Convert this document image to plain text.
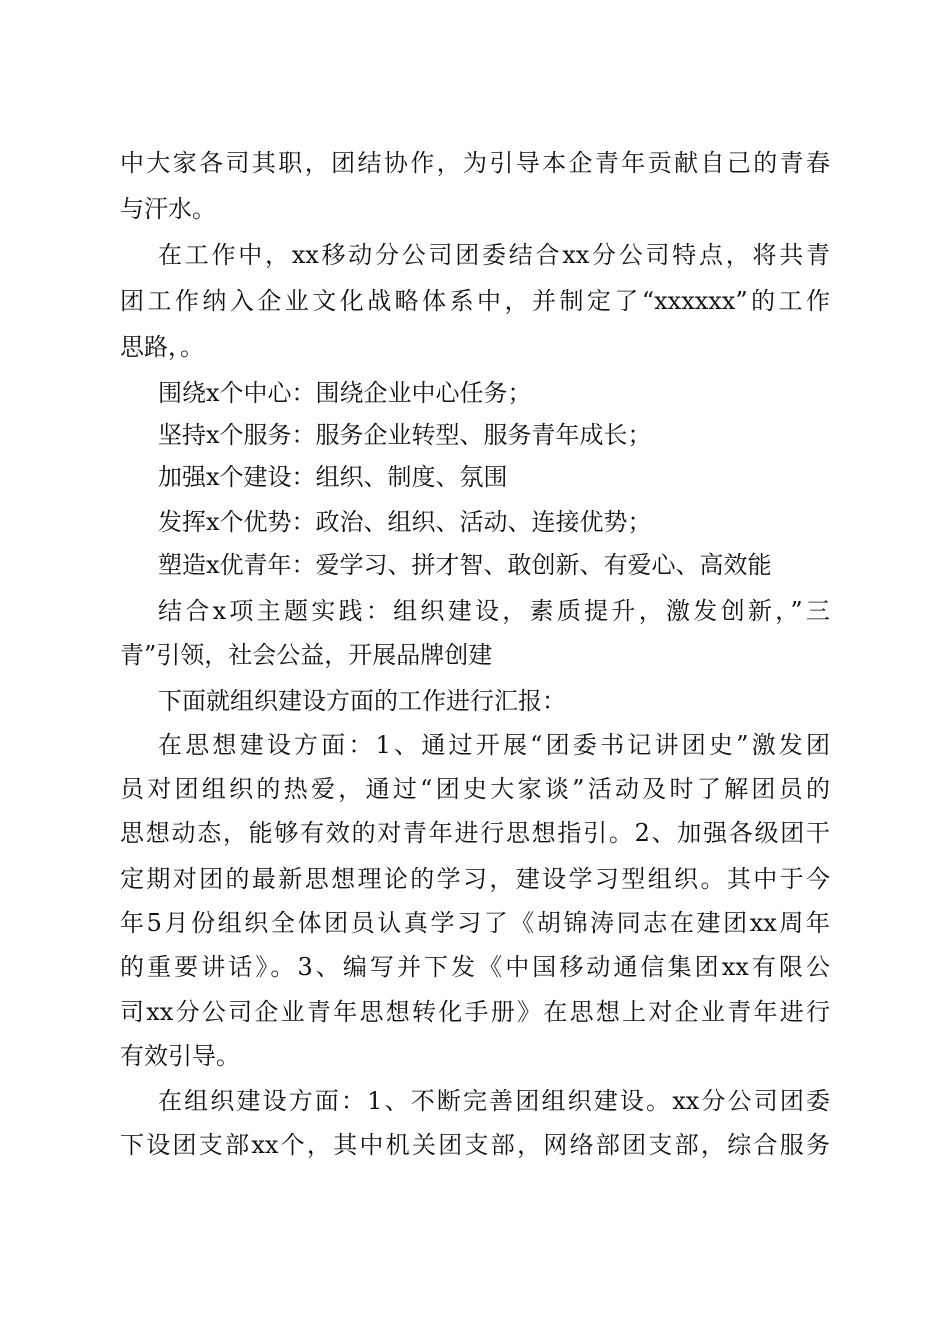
中大家各司其职，团结协作，为引导本企青年贡献自己的青春
与汗水。
在工作中，xx移动分公司团委结合xx分公司特点，将共青
团工作纳入企业文化战略体系中，并制定了“xxxxxx”的工作
思路，。
围绕x个中心：围绕企业中心任务；
坚持x个服务：服务企业转型、服务青年成长；
加强x个建设：组织、制度、氛围
发挥x个优势：政治、组织、活动、连接优势；
塑造x优青年：爱学习、拼才智、敢创新、有爱心、高效能
结合x项主题实践：组织建设，素质提升，激发创新，”三
青”引领，社会公益，开展品牌创建
下面就组织建设方面的工作进行汇报：
在思想建设方面：1、通过开展“团委书记讲团史”激发团
员对团组织的热爱，通过“团史大家谈”活动及时了解团员的
思想动态，能够有效的对青年进行思想指引。2、加强各级团干
定期对团的最新思想理论的学习，建设学习型组织。其中于今
年5月份组织全体团员认真学习了《胡锦涛同志在建团xx周年
的重要讲话》。3、编写并下发《中国移动通信集团xx有限公
司xx分公司企业青年思想转化手册》在思想上对企业青年进行
有效引导。
在组织建设方面：1、不断完善团组织建设。xx分公司团委
下设团支部xx个，其中机关团支部，网络部团支部，综合服务
